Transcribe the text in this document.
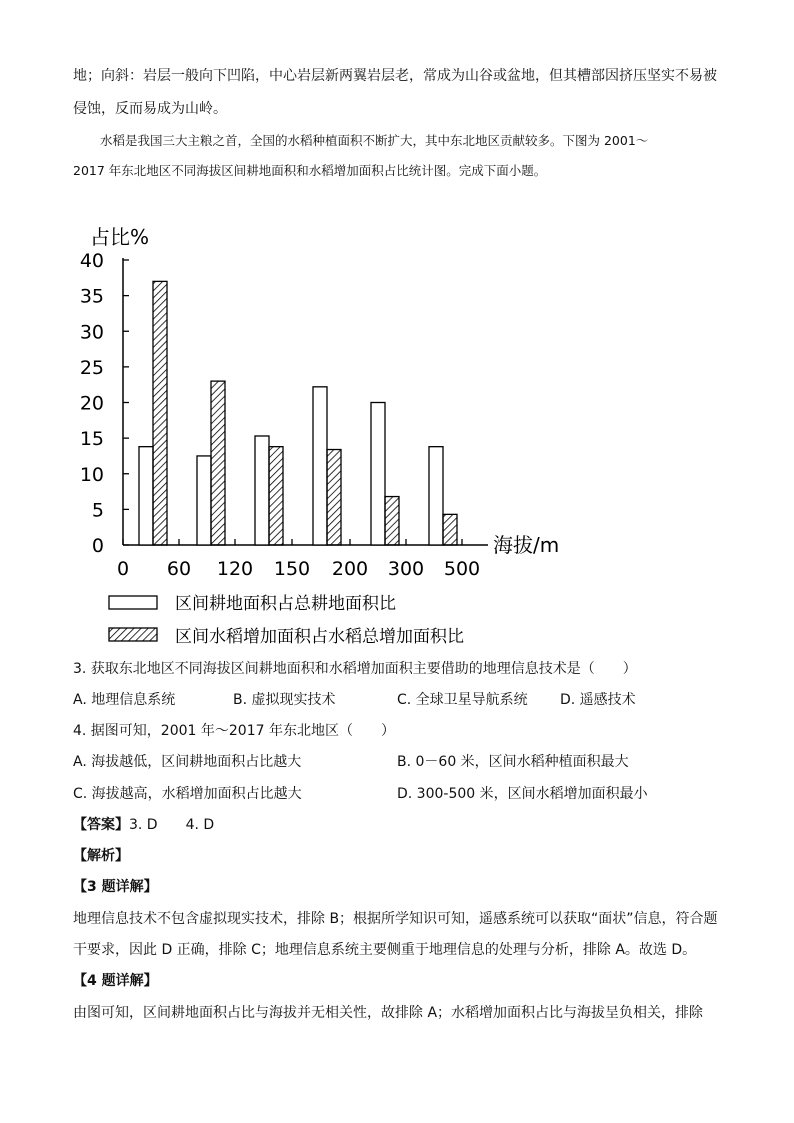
地；向斜：岩层一般向下凹陷，中心岩层新两翼岩层老，常成为山谷或盆地，但其槽部因挤压坚实不易被
侵蚀，反而易成为山岭。
水稻是我国三大主粮之首，全国的水稻种植面积不断扩大，其中东北地区贡献较多。下图为 2001～
2017 年东北地区不同海拔区间耕地面积和水稻增加面积占比统计图。完成下面小题。
占比%
海拔/m
0
5
10
15
20
25
30
35
40
0 60 120 150 200 300 500
区间耕地面积占总耕地面积比
区间水稻增加面积占水稻总增加面积比
3. 获取东北地区不同海拔区间耕地面积和水稻增加面积主要借助的地理信息技术是（　　）
A. 地理信息系统	B. 虚拟现实技术	C. 全球卫星导航系统 D. 遥感技术
4. 据图可知，2001 年～2017 年东北地区（　　）
A. 海拔越低，区间耕地面积占比越大	B. 0－60 米，区间水稻种植面积最大
C. 海拔越高，水稻增加面积占比越大	D. 300-500 米，区间水稻增加面积最小
【答案】3. D　　4. D
【解析】
【3 题详解】
地理信息技术不包含虚拟现实技术，排除 B；根据所学知识可知，遥感系统可以获取“面状”信息，符合题
干要求，因此 D 正确，排除 C；地理信息系统主要侧重于地理信息的处理与分析，排除 A。故选 D。
【4 题详解】
由图可知，区间耕地面积占比与海拔并无相关性，故排除 A；水稻增加面积占比与海拔呈负相关，排除
